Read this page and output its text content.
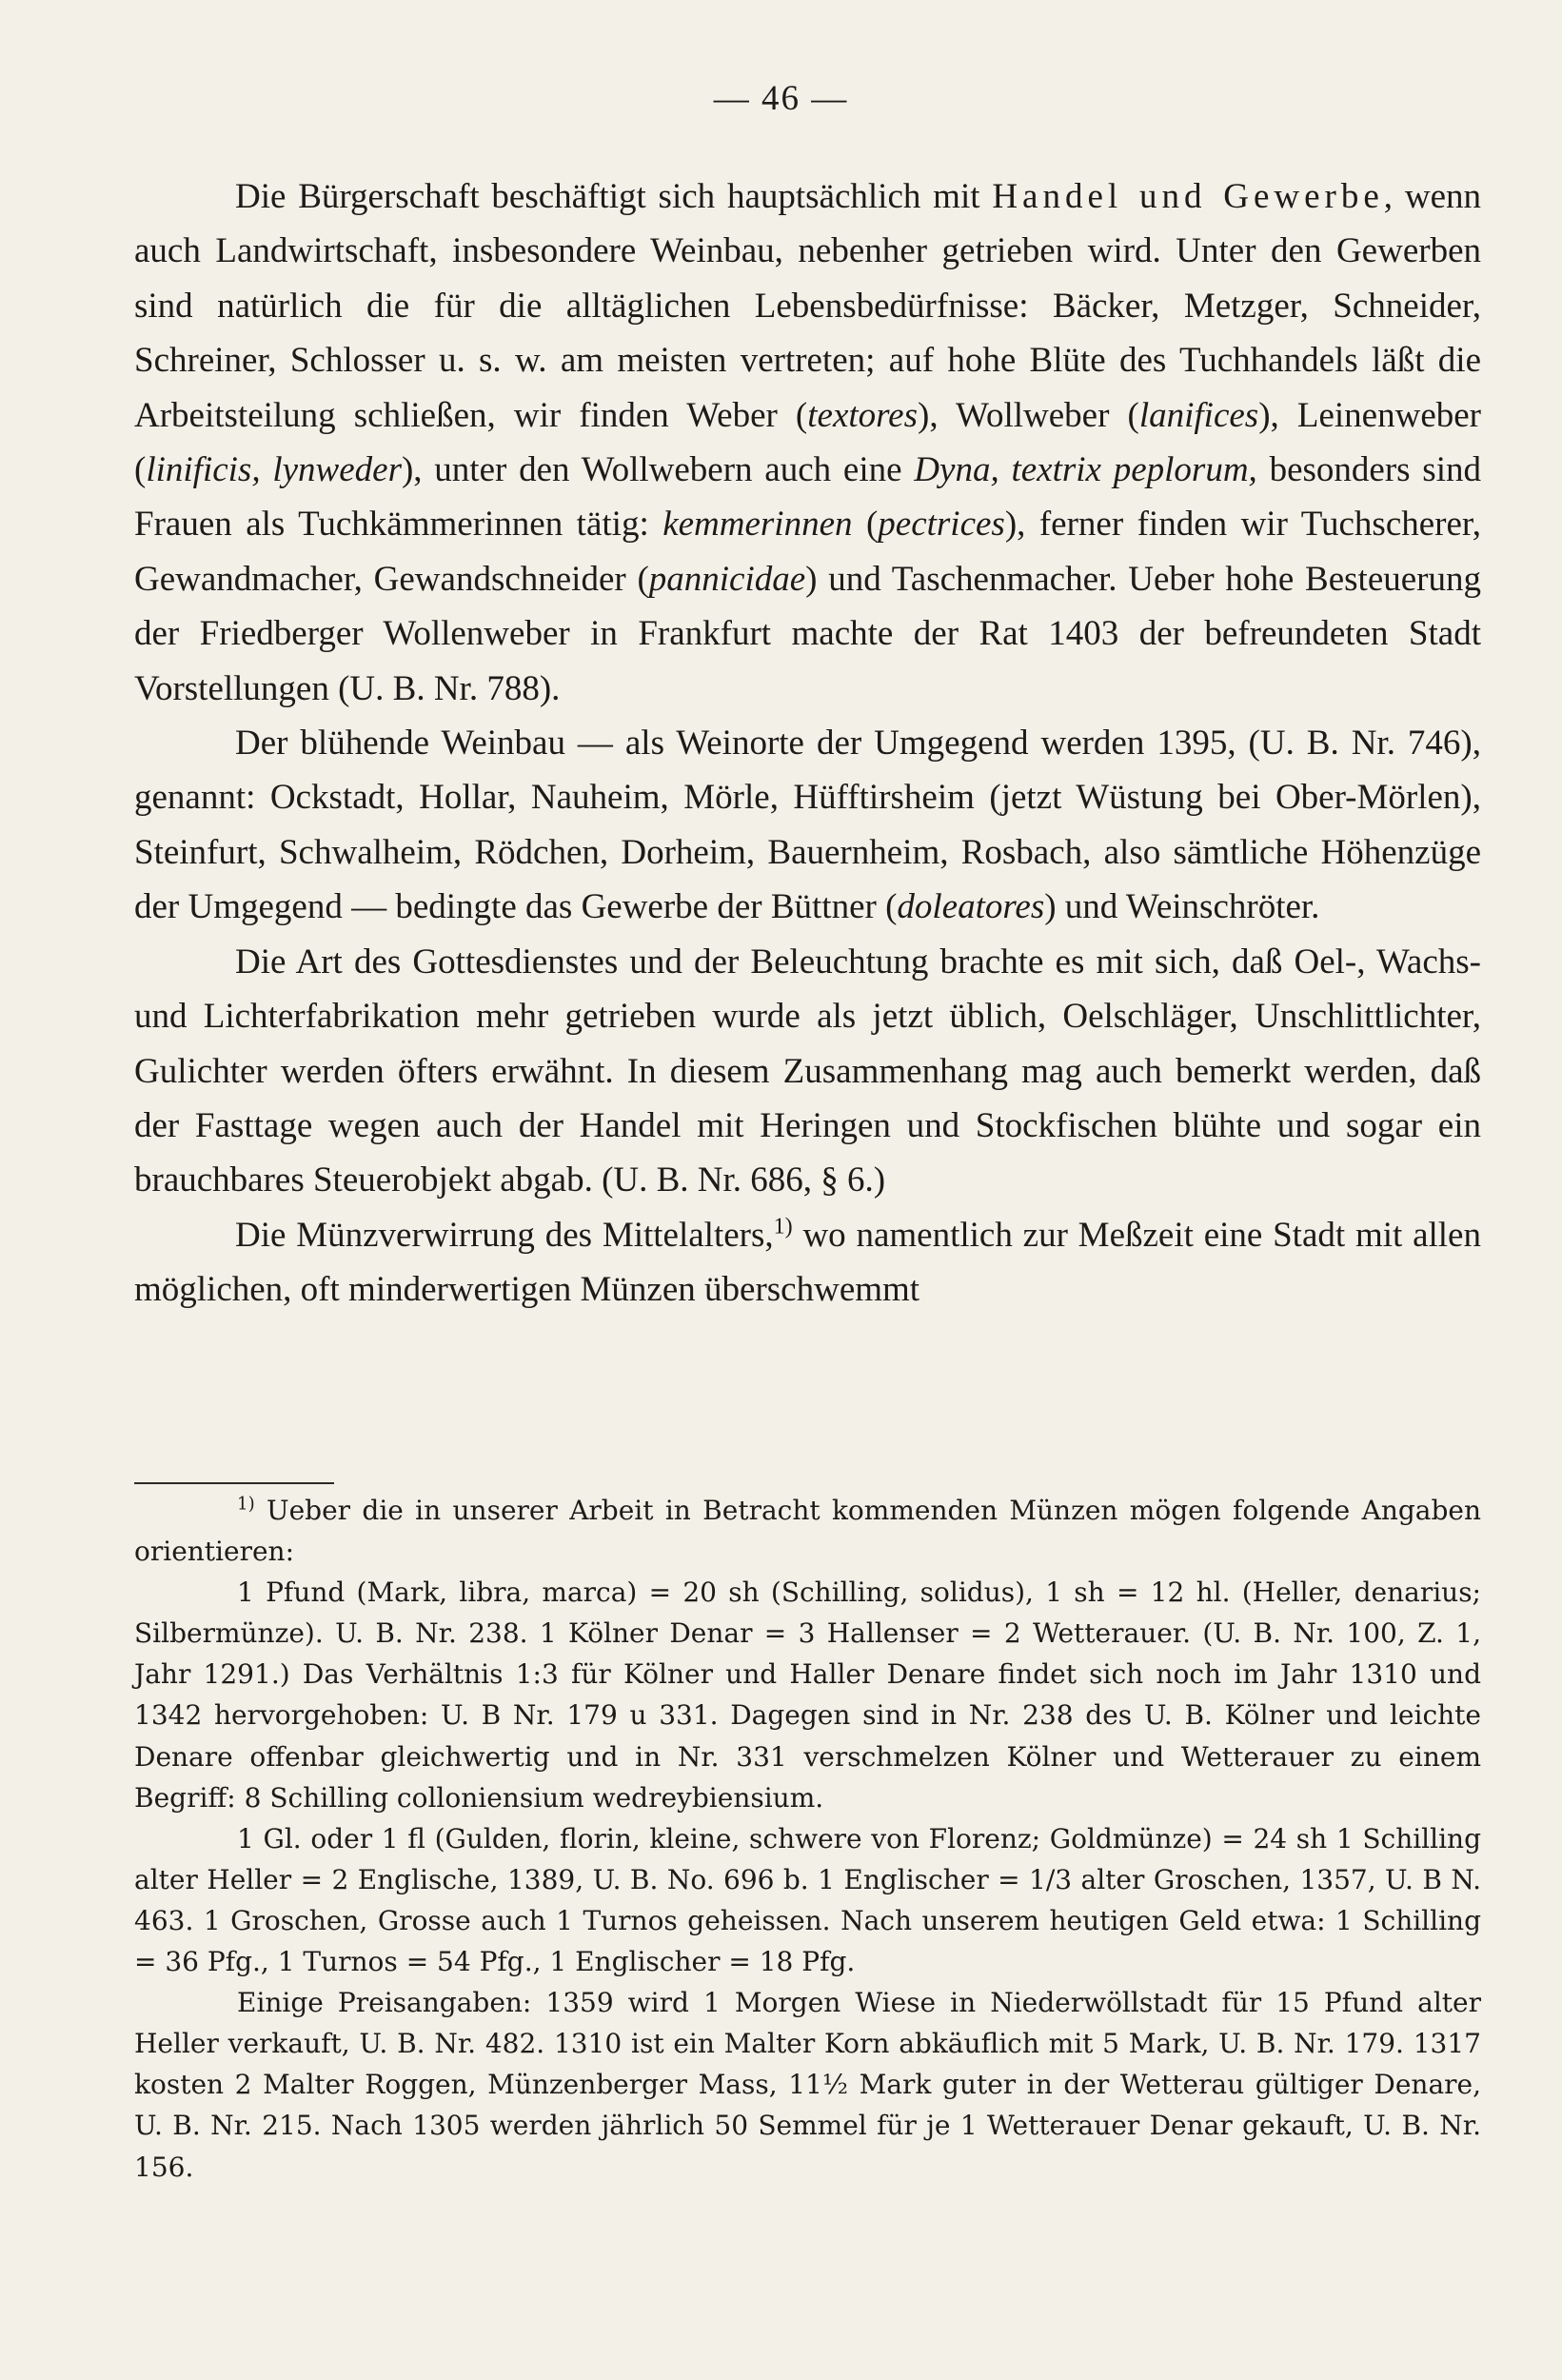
— 46 —

Die Bürgerschaft beschäftigt sich hauptsächlich mit Handel und Gewerbe, wenn auch Landwirtschaft, insbesondere Weinbau, nebenher getrieben wird. Unter den Gewerben sind natürlich die für die alltäglichen Lebensbedürfnisse: Bäcker, Metzger, Schneider, Schreiner, Schlosser u. s. w. am meisten vertreten; auf hohe Blüte des Tuchhandels läßt die Arbeitsteilung schließen, wir finden Weber (textores), Wollweber (lanifices), Leinenweber (linificis, lynweder), unter den Wollwebern auch eine Dyna, textrix peplorum, besonders sind Frauen als Tuchkämmerinnen tätig: kemmerinnen (pectrices), ferner finden wir Tuchscherer, Gewandmacher, Gewandschneider (pannicidae) und Taschenmacher. Ueber hohe Besteuerung der Friedberger Wollenweber in Frankfurt machte der Rat 1403 der befreundeten Stadt Vorstellungen (U. B. Nr. 788).

Der blühende Weinbau — als Weinorte der Umgegend werden 1395, (U. B. Nr. 746), genannt: Ockstadt, Hollar, Nauheim, Mörle, Hüfftirsheim (jetzt Wüstung bei Ober-Mörlen), Steinfurt, Schwalheim, Rödchen, Dorheim, Bauernheim, Rosbach, also sämtliche Höhenzüge der Umgegend — bedingte das Gewerbe der Büttner (doleatores) und Weinschröter.

Die Art des Gottesdienstes und der Beleuchtung brachte es mit sich, daß Oel-, Wachs- und Lichterfabrikation mehr getrieben wurde als jetzt üblich, Oelschläger, Unschlittlichter, Gulichter werden öfters erwähnt. In diesem Zusammenhang mag auch bemerkt werden, daß der Fasttage wegen auch der Handel mit Heringen und Stockfischen blühte und sogar ein brauchbares Steuerobjekt abgab. (U. B. Nr. 686, § 6.)

Die Münzverwirrung des Mittelalters,$^{1)}$ wo namentlich zur Meßzeit eine Stadt mit allen möglichen, oft minderwertigen Münzen überschwemmt

$^{1)}$ Ueber die in unserer Arbeit in Betracht kommenden Münzen mögen folgende Angaben orientieren:

1 Pfund (Mark, libra, marca) = 20 sh (Schilling, solidus), 1 sh = 12 hl. (Heller, denarius; Silbermünze). U. B. Nr. 238. 1 Kölner Denar = 3 Hallenser = 2 Wetterauer. (U. B. Nr. 100, Z. 1, Jahr 1291.) Das Verhältnis 1:3 für Kölner und Haller Denare findet sich noch im Jahr 1310 und 1342 hervorgehoben: U. B Nr. 179 u 331. Dagegen sind in Nr. 238 des U. B. Kölner und leichte Denare offenbar gleichwertig und in Nr. 331 verschmelzen Kölner und Wetterauer zu einem Begriff: 8 Schilling colloniensium wedreybiensium.

1 Gl. oder 1 fl (Gulden, florin, kleine, schwere von Florenz; Goldmünze) = 24 sh 1 Schilling alter Heller = 2 Englische, 1389, U. B. No. 696 b. 1 Englischer = 1/3 alter Groschen, 1357, U. B N. 463. 1 Groschen, Grosse auch 1 Turnos geheissen. Nach unserem heutigen Geld etwa: 1 Schilling = 36 Pfg., 1 Turnos = 54 Pfg., 1 Englischer = 18 Pfg.

Einige Preisangaben: 1359 wird 1 Morgen Wiese in Niederwöllstadt für 15 Pfund alter Heller verkauft, U. B. Nr. 482. 1310 ist ein Malter Korn abkäuflich mit 5 Mark, U. B. Nr. 179. 1317 kosten 2 Malter Roggen, Münzenberger Mass, 11½ Mark guter in der Wetterau gültiger Denare, U. B. Nr. 215. Nach 1305 werden jährlich 50 Semmel für je 1 Wetterauer Denar gekauft, U. B. Nr. 156.
